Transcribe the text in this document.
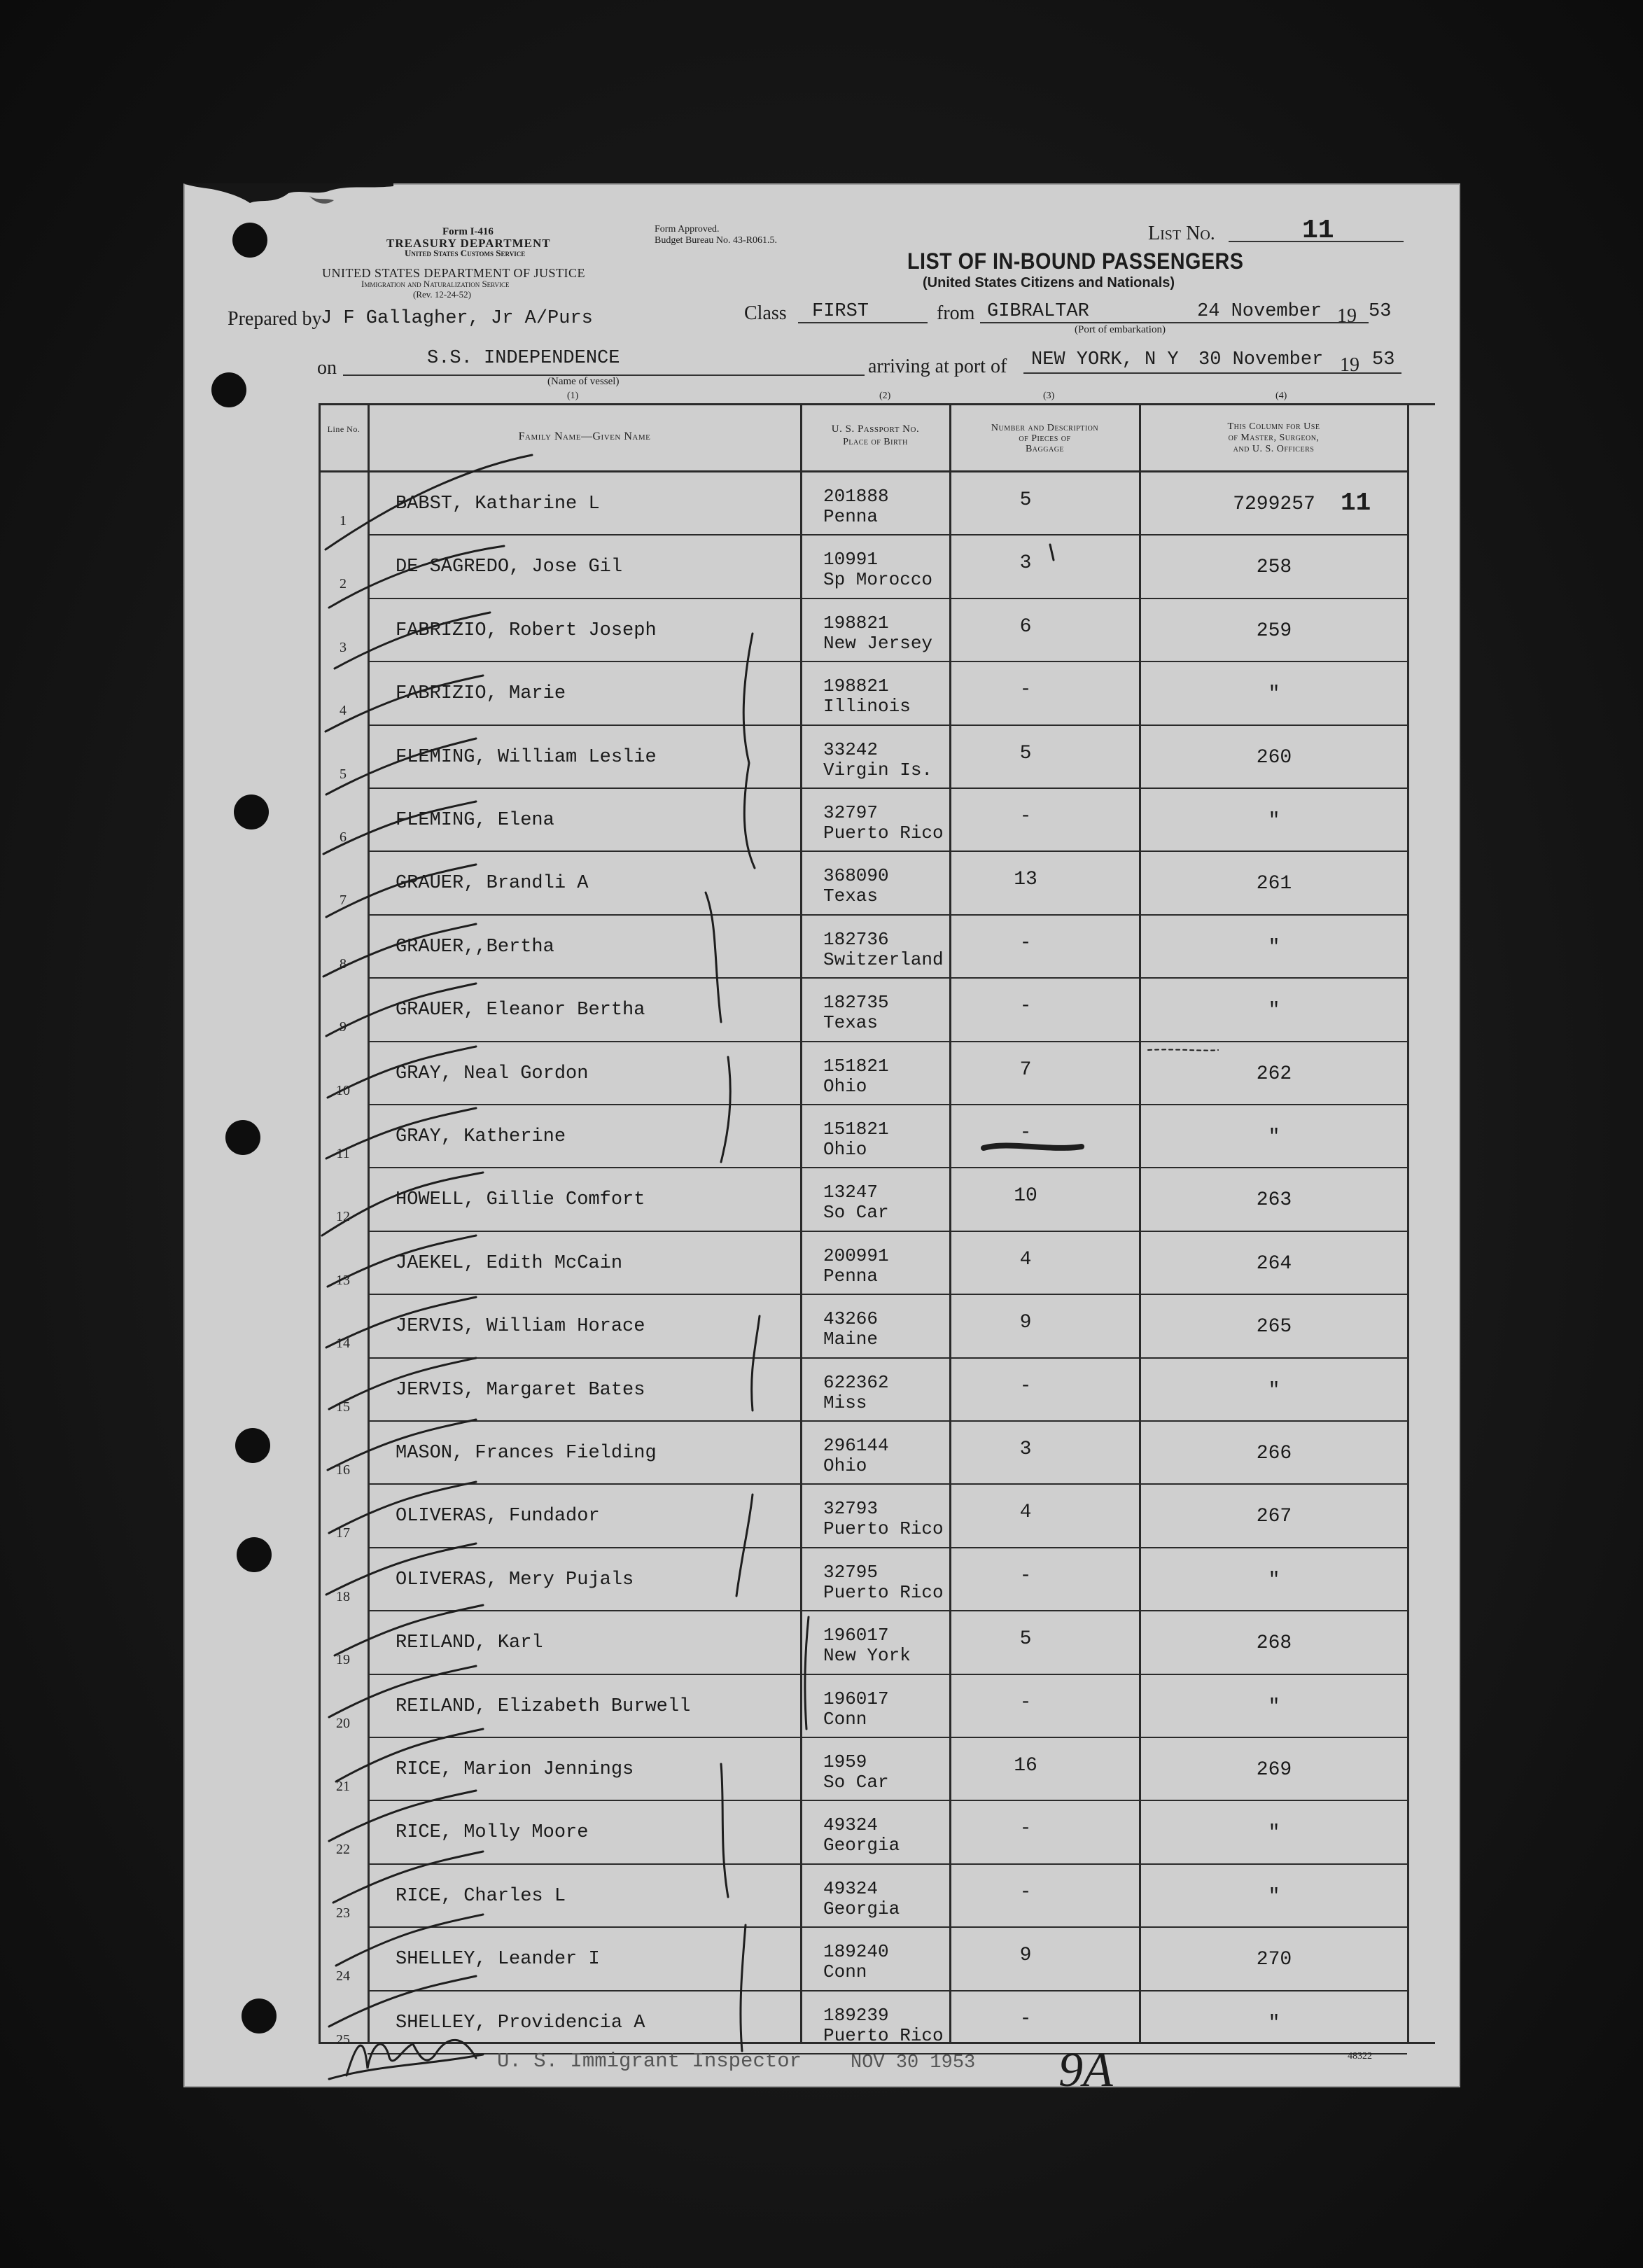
Form I-416
TREASURY DEPARTMENT
United States Customs Service
UNITED STATES DEPARTMENT OF JUSTICE
Immigration and Naturalization Service
(Rev. 12-24-52)
Form Approved.
Budget Bureau No. 43-R061.5.	List No.	11
LIST OF IN-BOUND PASSENGERS
(United States Citizens and Nationals)
Prepared by
J F Gallagher, Jr A/Purs	Class FIRST	from GIBRALTAR	24 November 19 53
(Port of embarkation)
on	S.S. INDEPENDENCE
(Name of vessel)
arriving at port of NEW YORK, N Y 30 November 19 53
(1)	(2)	(3)	(4)
Line No.
Family Name—Given Name
U. S. Passport No.
Place of Birth
Number and Description
of Pieces of
Baggage
This Column for Use
of Master, Surgeon,
and U. S. Officers
1
BABST, Katharine L	201888
Penna
5	7299257
2
DE SAGREDO, Jose Gil	10991
Sp Morocco
3	258
3
FABRIZIO, Robert Joseph	198821
New Jersey
6	259
4
FABRIZIO, Marie	198821
Illinois
-	"
5
FLEMING, William Leslie	33242
Virgin Is.
5	260
6
FLEMING, Elena	32797
Puerto Rico
-	"
7
GRAUER, Brandli A	368090
Texas
13	261
8
GRAUER,,Bertha	182736
Switzerland
-	"
9
GRAUER, Eleanor Bertha	182735
Texas
-	"
10
GRAY, Neal Gordon	151821
Ohio
7	262
11
GRAY, Katherine	151821
Ohio
-	"
12
HOWELL, Gillie Comfort	13247
So Car
10	263
13
JAEKEL, Edith McCain	200991
Penna
4	264
14
JERVIS, William Horace	43266
Maine
9	265
15
JERVIS, Margaret Bates	622362
Miss
-	"
16
MASON, Frances Fielding	296144
Ohio
3	266
17
OLIVERAS, Fundador	32793
Puerto Rico
4	267
18
OLIVERAS, Mery Pujals	32795
Puerto Rico
-	"
19
REILAND, Karl	196017
New York
5	268
20
REILAND, Elizabeth Burwell	196017
Conn
-	"
21
RICE, Marion Jennings	1959
So Car
16	269
22
RICE, Molly Moore	49324
Georgia
-	"
23
RICE, Charles L	49324
Georgia
-	"
24
SHELLEY, Leander I	189240
Conn
9	270
25
SHELLEY, Providencia A	189239
Puerto Rico
-	"
11
9A
U. S. Immigrant Inspector	NOV 30 1953	48322
